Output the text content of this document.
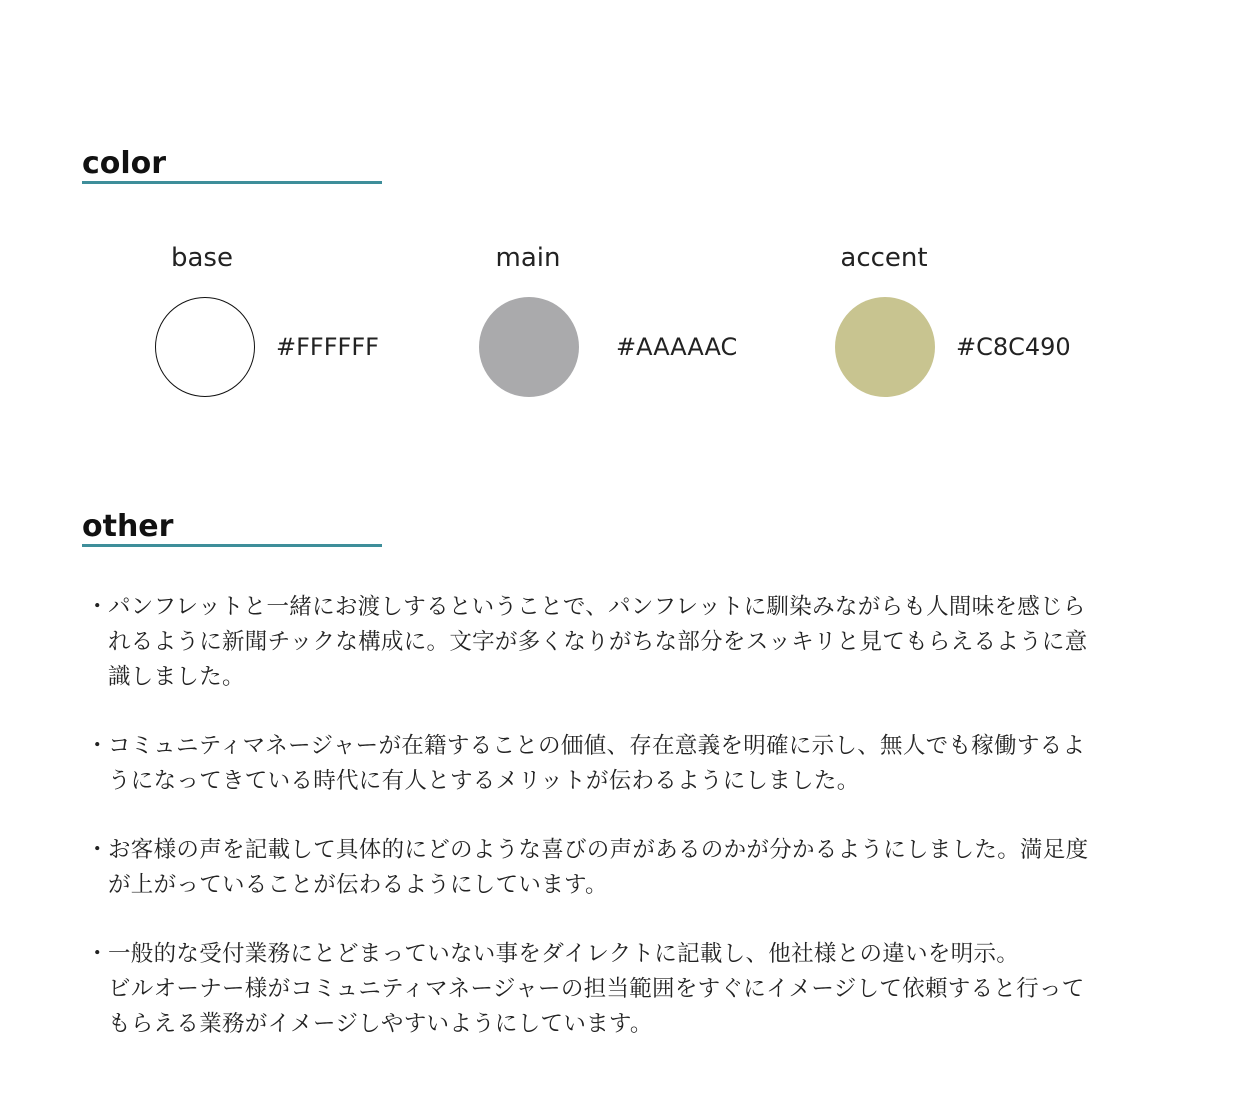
color
base
#FFFFFF
main
#AAAAAC
accent
#C8C490
other
・ パンフレットと一緒にお渡しするということで、パンフレットに馴染みながらも人間味を感じら
れるように新聞チックな構成に。文字が多くなりがちな部分をスッキリと見てもらえるように意
識しました。
・ コミュニティマネージャーが在籍することの価値、存在意義を明確に示し、無人でも稼働するよ
うになってきている時代に有人とするメリットが伝わるようにしました。
・ お客様の声を記載して具体的にどのような喜びの声があるのかが分かるようにしました。満足度
が上がっていることが伝わるようにしています。
・ 一般的な受付業務にとどまっていない事をダイレクトに記載し、他社様との違いを明示。
ビルオーナー様がコミュニティマネージャーの担当範囲をすぐにイメージして依頼すると行って
もらえる業務がイメージしやすいようにしています。
